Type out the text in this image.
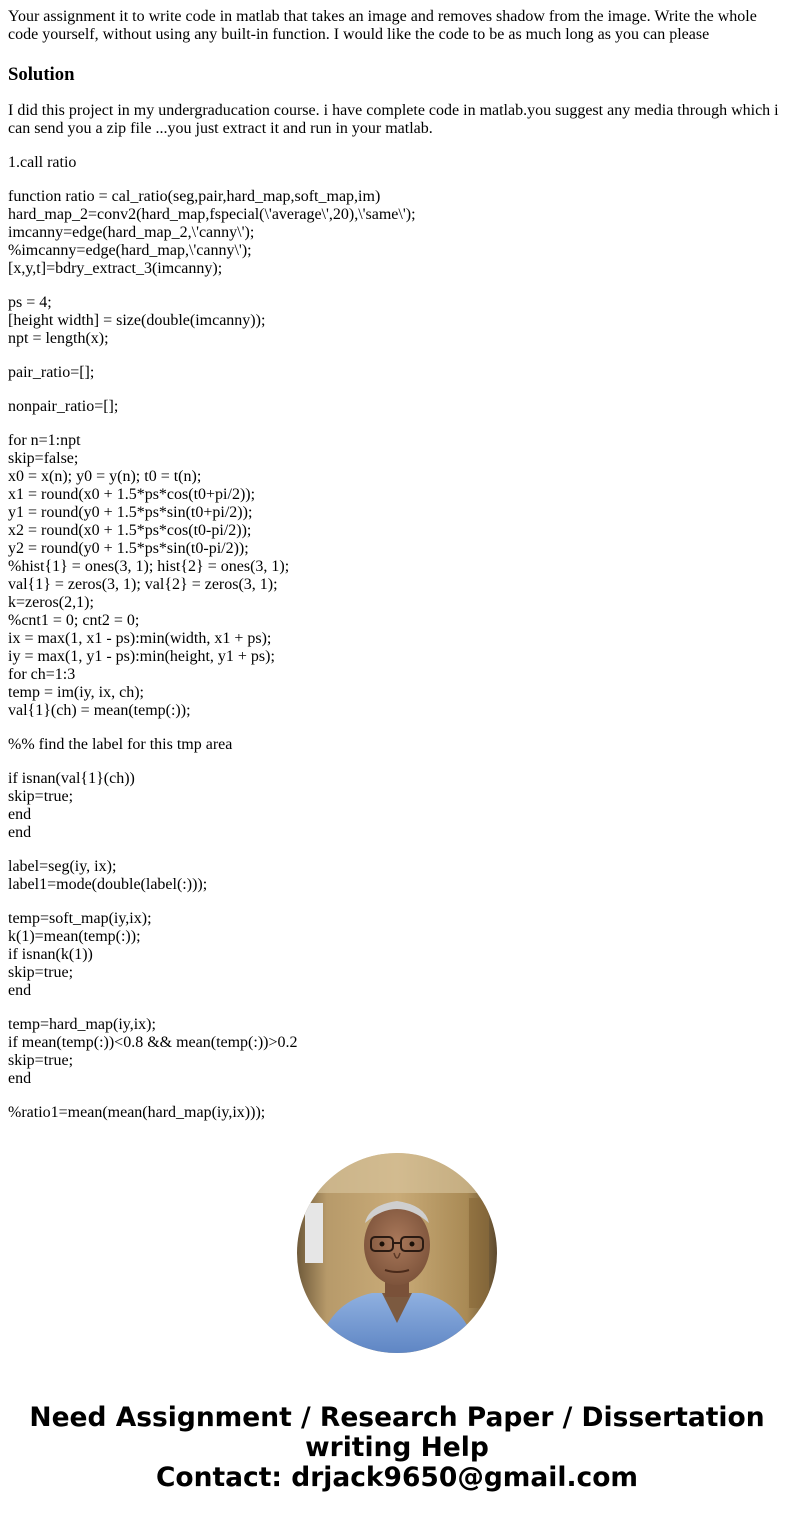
Your assignment it to write code in matlab that takes an image and removes shadow from the image. Write the whole code yourself, without using any built-in function. I would like the code to be as much long as you can please
Solution
I did this project in my undergraducation course. i have complete code in matlab.you suggest any media through which i can send you a zip file ...you just extract it and run in your matlab.
1.call ratio
function ratio = cal_ratio(seg,pair,hard_map,soft_map,im)
hard_map_2=conv2(hard_map,fspecial(\'average\',20),\'same\');
imcanny=edge(hard_map_2,\'canny\');
%imcanny=edge(hard_map,\'canny\');
[x,y,t]=bdry_extract_3(imcanny);
ps = 4;
[height width] = size(double(imcanny));
npt = length(x);
pair_ratio=[];
nonpair_ratio=[];
for n=1:npt
skip=false;
x0 = x(n); y0 = y(n); t0 = t(n);
x1 = round(x0 + 1.5*ps*cos(t0+pi/2));
y1 = round(y0 + 1.5*ps*sin(t0+pi/2));
x2 = round(x0 + 1.5*ps*cos(t0-pi/2));
y2 = round(y0 + 1.5*ps*sin(t0-pi/2));
%hist{1} = ones(3, 1); hist{2} = ones(3, 1);
val{1} = zeros(3, 1); val{2} = zeros(3, 1);
k=zeros(2,1);
%cnt1 = 0; cnt2 = 0;
ix = max(1, x1 - ps):min(width, x1 + ps);
iy = max(1, y1 - ps):min(height, y1 + ps);
for ch=1:3
temp = im(iy, ix, ch);
val{1}(ch) = mean(temp(:));
%% find the label for this tmp area
if isnan(val{1}(ch))
skip=true;
end
end
label=seg(iy, ix);
label1=mode(double(label(:)));
temp=soft_map(iy,ix);
k(1)=mean(temp(:));
if isnan(k(1))
skip=true;
end
temp=hard_map(iy,ix);
if mean(temp(:))<0.8 && mean(temp(:))>0.2
skip=true;
end
%ratio1=mean(mean(hard_map(iy,ix)));
Need Assignment / Research Paper / Dissertation
writing Help
Contact: drjack9650@gmail.com
